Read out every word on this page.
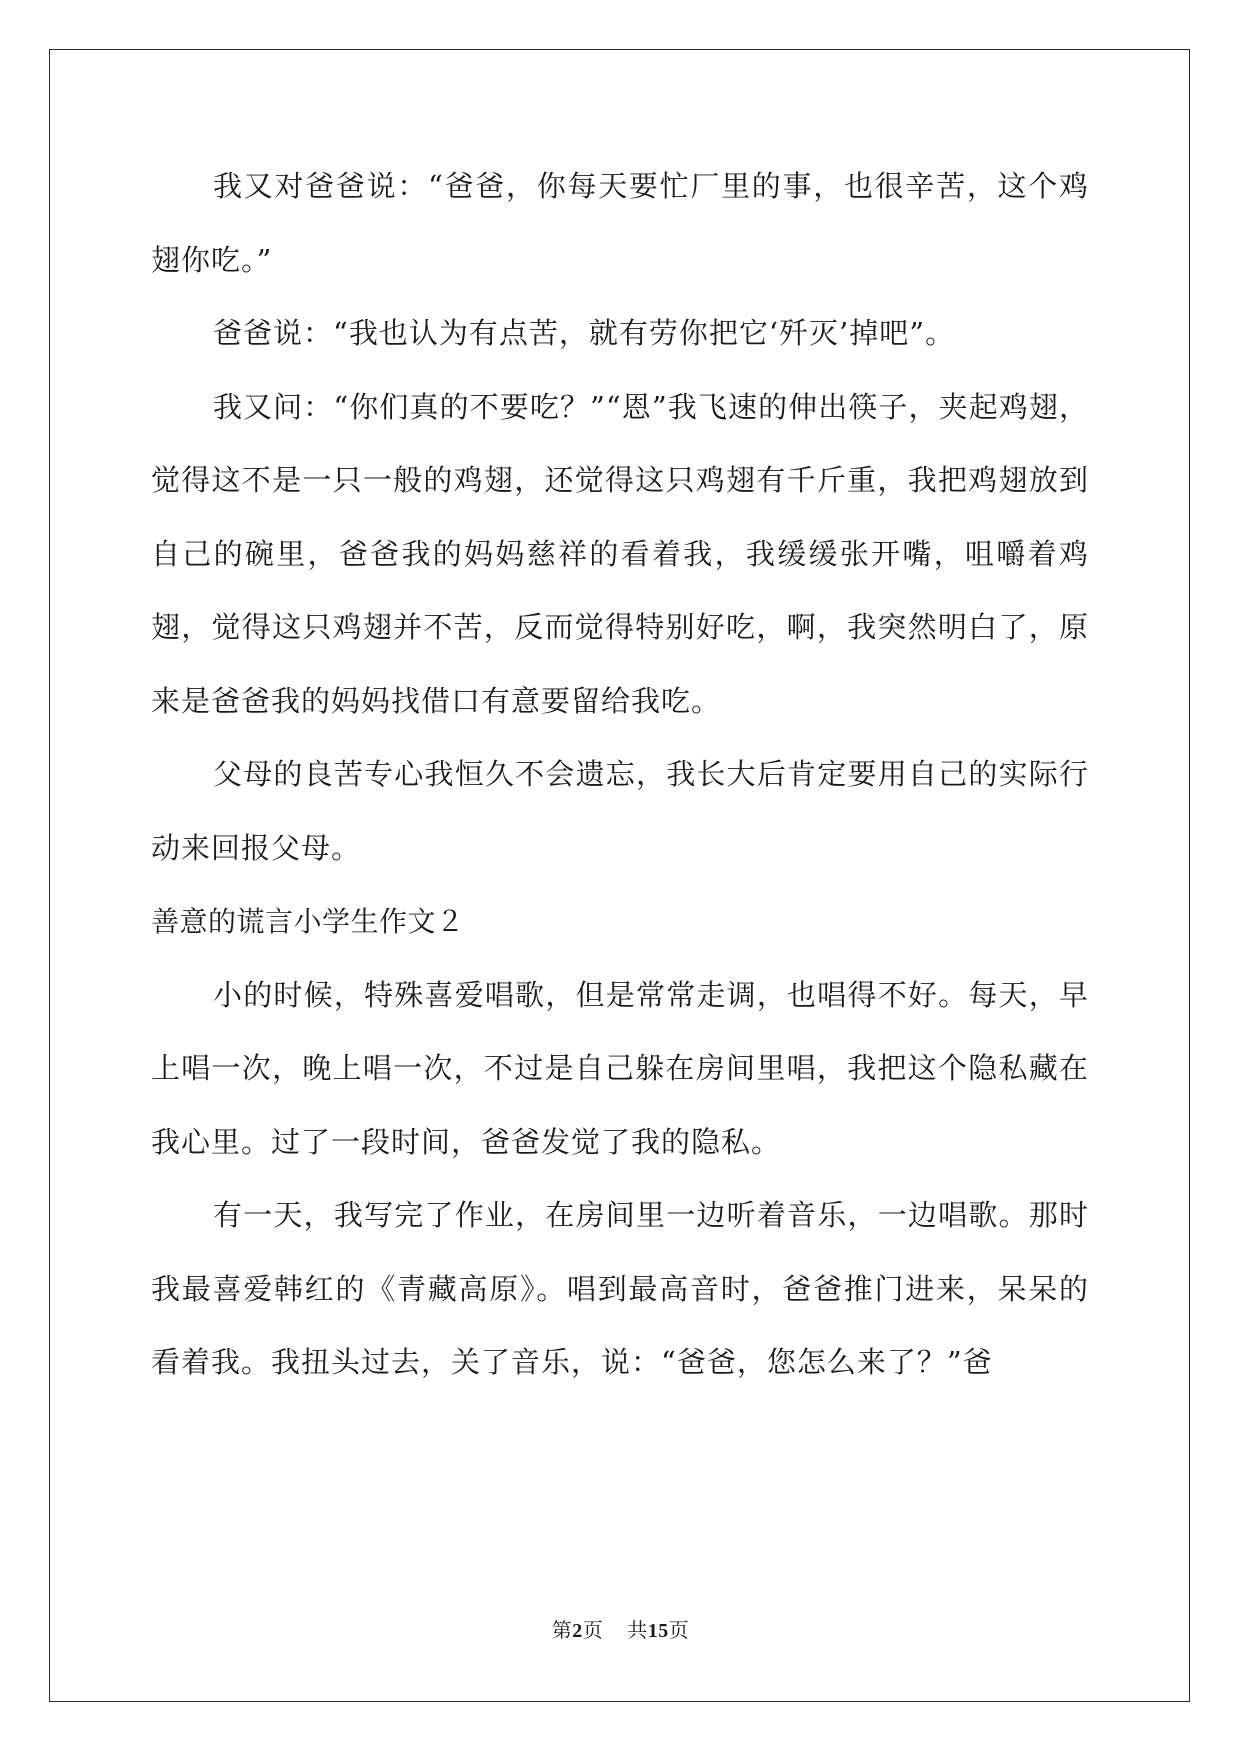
我又对爸爸说：“爸爸，你每天要忙厂里的事，也很辛苦，这个鸡翅你吃。”

爸爸说：“我也认为有点苦，就有劳你把它‘歼灭’掉吧”。

我又问：“你们真的不要吃？”“恩”我飞速的伸出筷子，夹起鸡翅，觉得这不是一只一般的鸡翅，还觉得这只鸡翅有千斤重，我把鸡翅放到自己的碗里，爸爸我的妈妈慈祥的看着我，我缓缓张开嘴，咀嚼着鸡翅，觉得这只鸡翅并不苦，反而觉得特别好吃，啊，我突然明白了，原来是爸爸我的妈妈找借口有意要留给我吃。

父母的良苦专心我恒久不会遗忘，我长大后肯定要用自己的实际行动来回报父母。

善意的谎言小学生作文２

小的时候，特殊喜爱唱歌，但是常常走调，也唱得不好。每天，早上唱一次，晚上唱一次，不过是自己躲在房间里唱，我把这个隐私藏在我心里。过了一段时间，爸爸发觉了我的隐私。

有一天，我写完了作业，在房间里一边听着音乐，一边唱歌。那时我最喜爱韩红的《青藏高原》。唱到最高音时，爸爸推门进来，呆呆的看着我。我扭头过去，关了音乐，说：“爸爸，您怎么来了？”爸

第2页 共15页
